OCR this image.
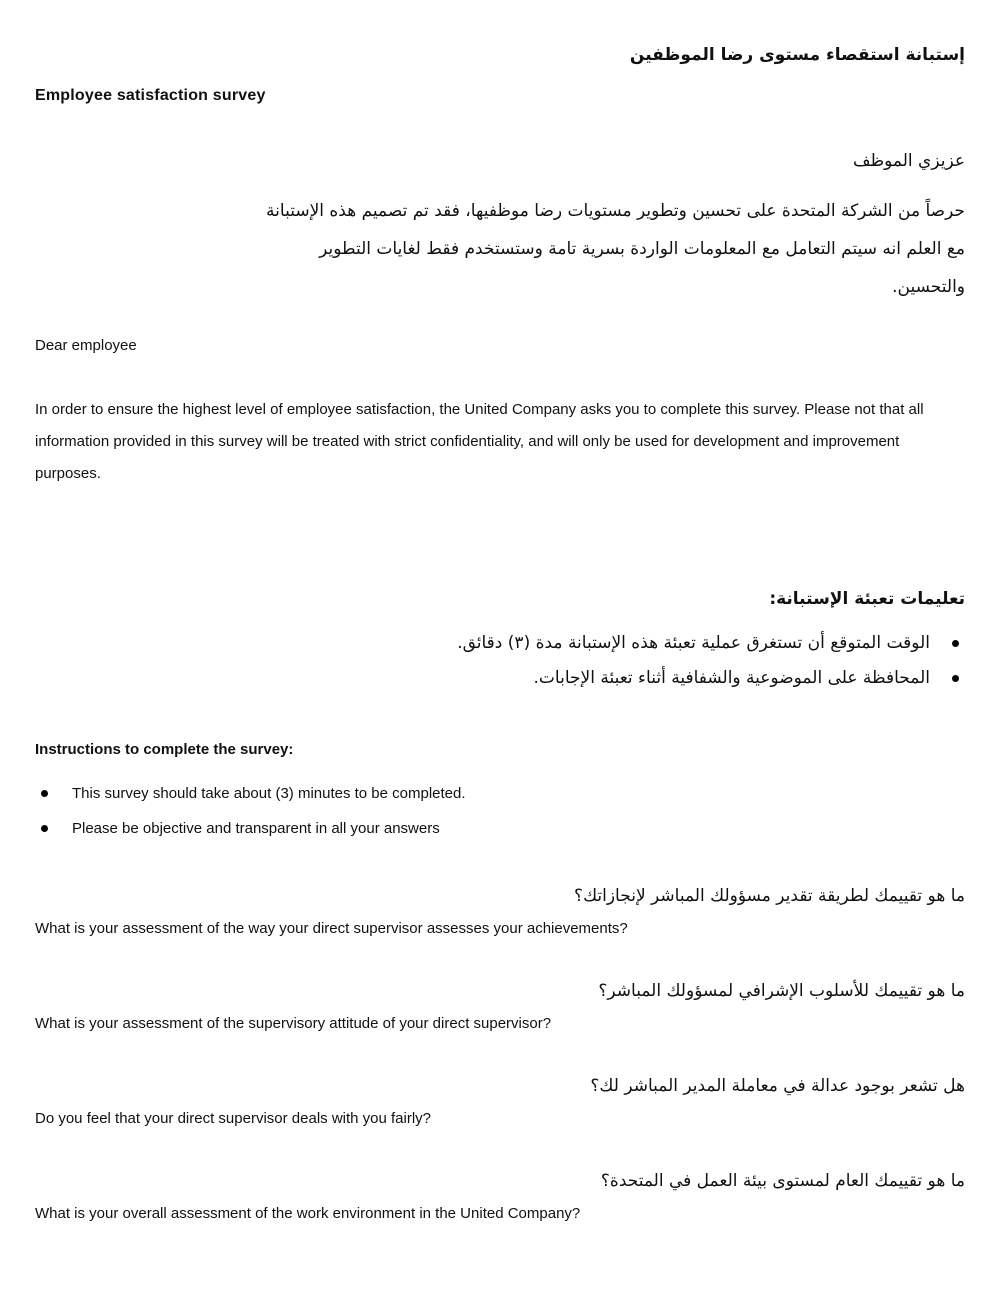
إستبانة استقصاء مستوى رضا الموظفين
Employee satisfaction survey
عزيزي الموظف
حرصاً من الشركة المتحدة على تحسين وتطوير مستويات رضا موظفيها، فقد تم تصميم هذه الإستبانة مع العلم انه سيتم التعامل مع المعلومات الواردة بسرية تامة وستستخدم فقط لغايات التطوير والتحسين.
Dear employee
In order to ensure the highest level of employee satisfaction, the United Company asks you to complete this survey. Please not that all information provided in this survey will be treated with strict confidentiality, and will only be used for development and improvement purposes.
تعليمات تعبئة الإستبانة:
الوقت المتوقع أن تستغرق عملية تعبئة هذه الإستبانة مدة (٣) دقائق.
المحافظة على الموضوعية والشفافية أثناء تعبئة الإجابات.
Instructions to complete the survey:
This survey should take about (3) minutes to be completed.
Please be objective and transparent in all your answers
ما هو تقييمك لطريقة تقدير مسؤولك المباشر لإنجازاتك؟
What is your assessment of the way your direct supervisor assesses your achievements?
ما هو تقييمك للأسلوب الإشرافي لمسؤولك المباشر؟
What is your assessment of the supervisory attitude of your direct supervisor?
هل تشعر بوجود عدالة في معاملة المدير المباشر لك؟
Do you feel that your direct supervisor deals with you fairly?
ما هو تقييمك العام لمستوى بيئة العمل في المتحدة؟
What is your overall assessment of the work environment in the United Company?
